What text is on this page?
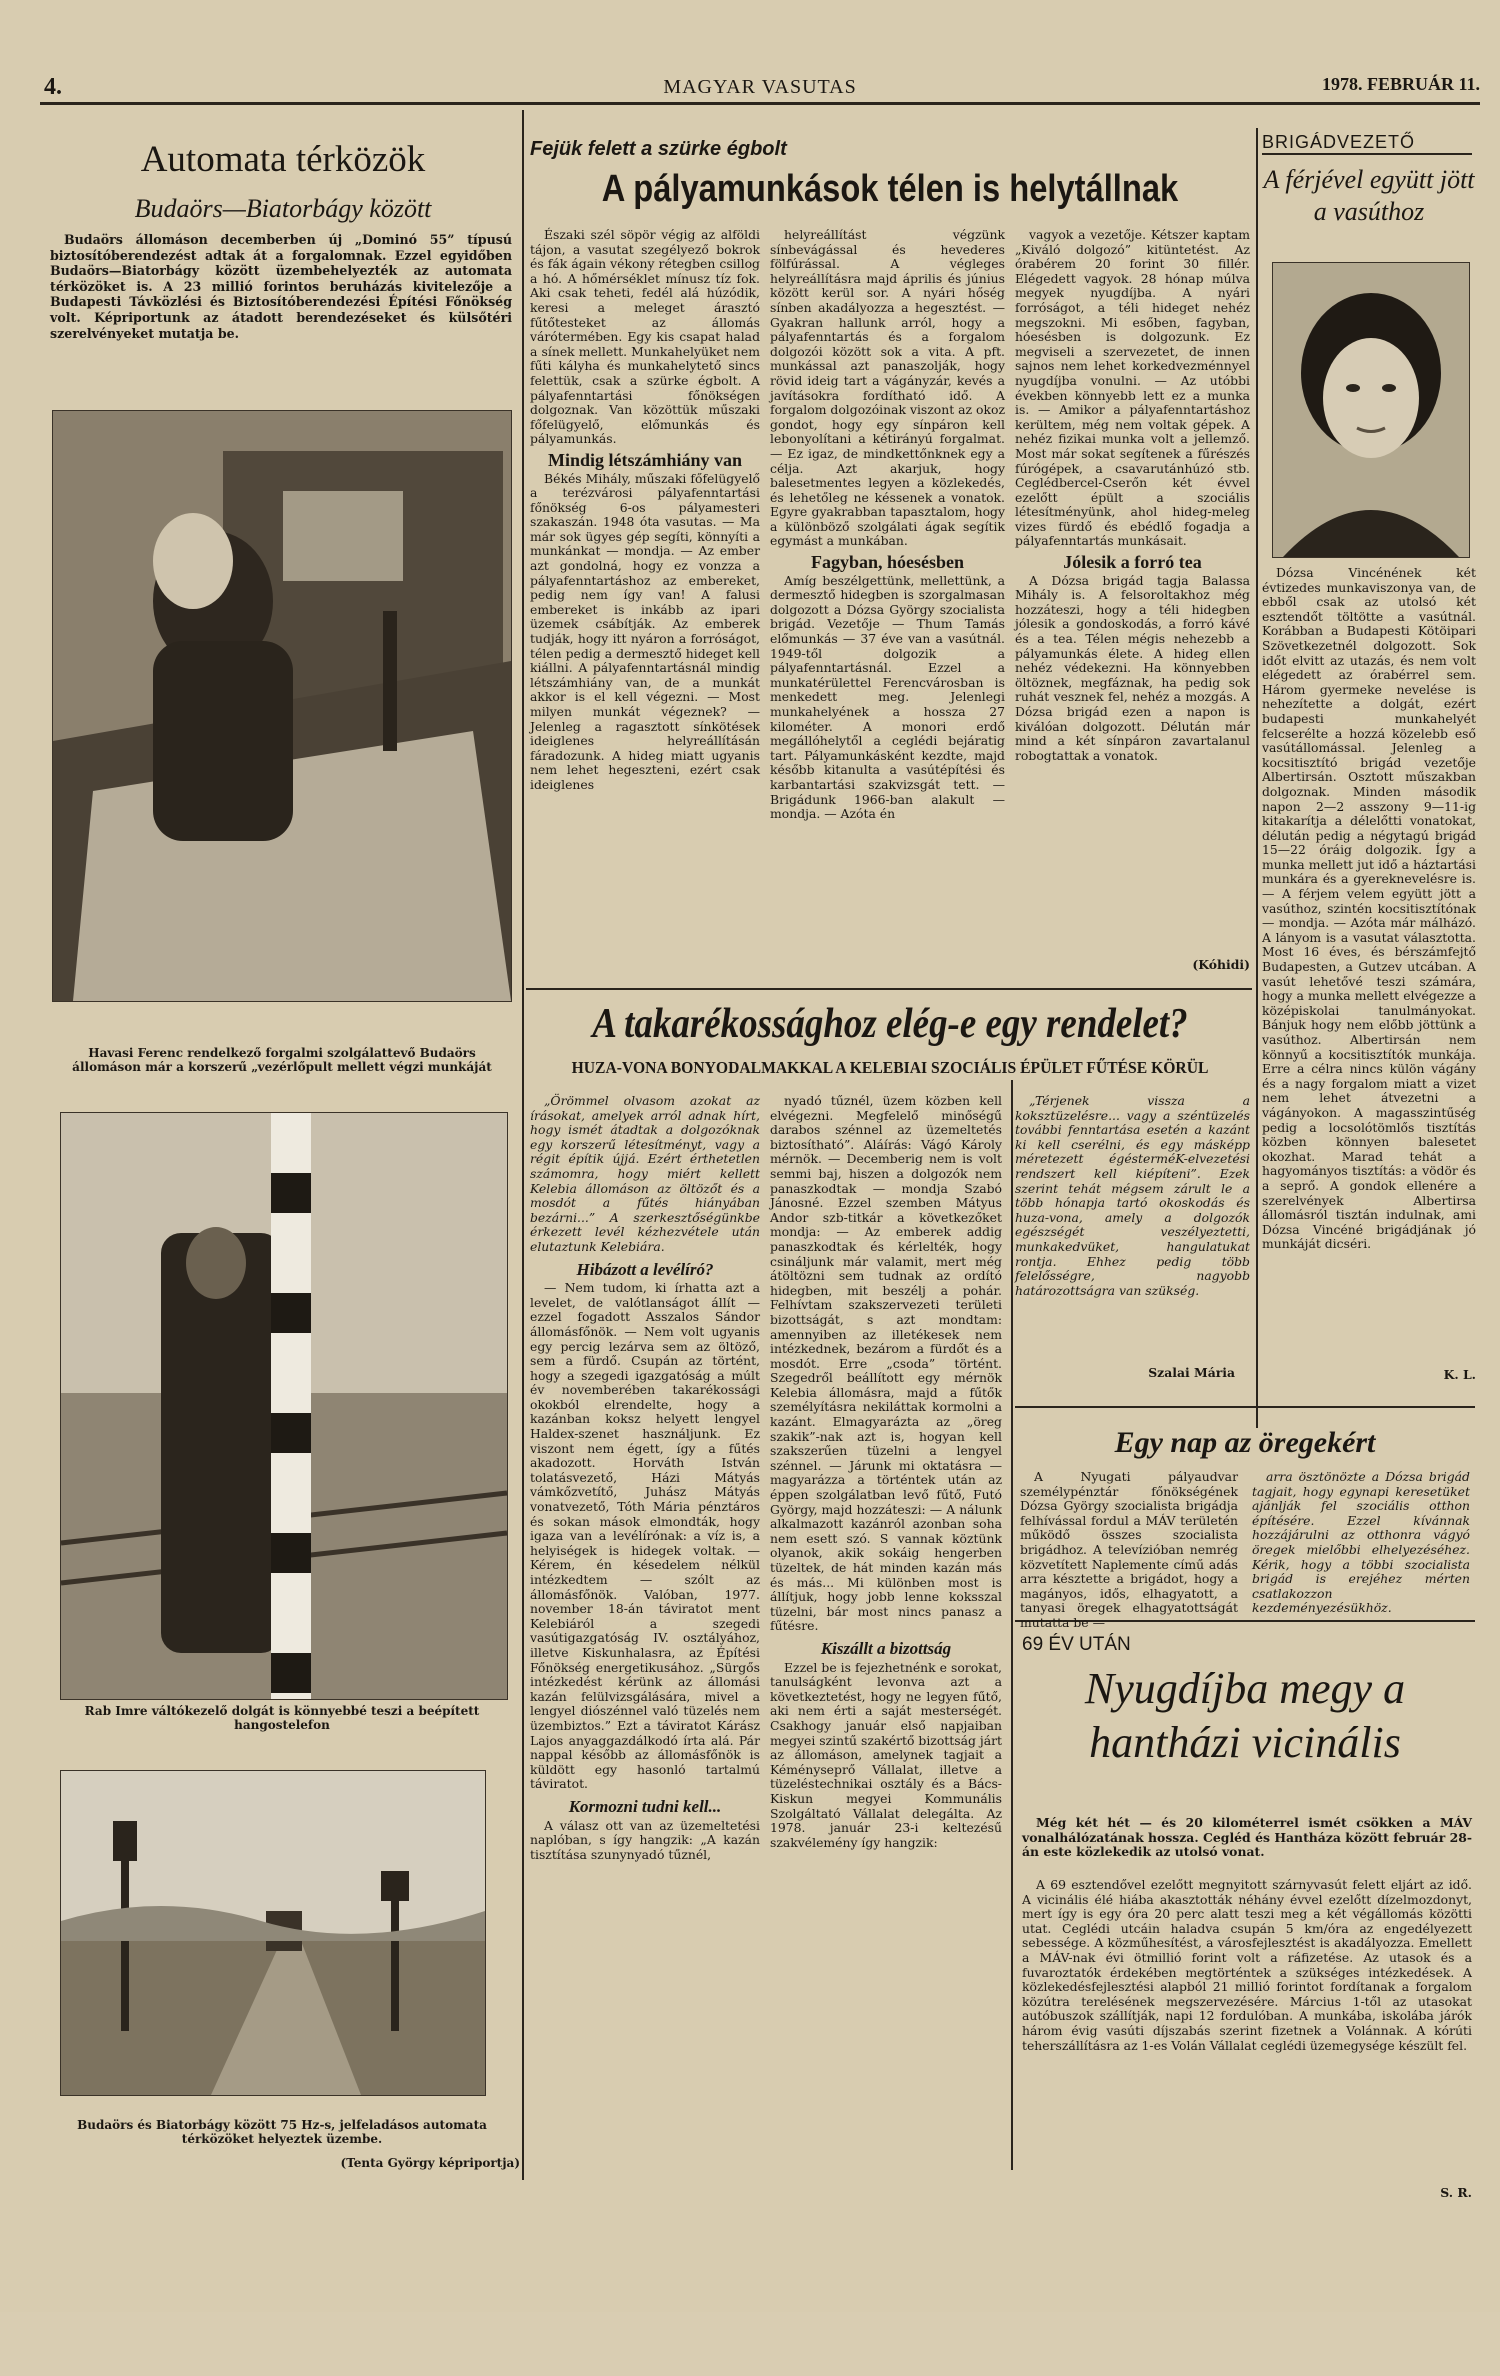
4.	MAGYAR VASUTAS	1978. FEBRUÁR 11.
Automata térközök
Budaörs—Biatorbágy között

Budaörs állomáson decemberben új „Dominó 55” típusú biztosítóberendezést adtak át a forgalomnak. Ezzel egyidőben Budaörs—Biatorbágy között üzembehelyezték az automata térközöket is. A 23 millió forintos beruházás kivitelezője a Budapesti Távközlési és Biztosítóberendezési Építési Főnökség volt. Képriportunk az átadott berendezéseket és külsőtéri szerelvényeket mutatja be.

Havasi Ferenc rendelkező forgalmi szolgálattevő Budaörs állomáson már a korszerű „vezérlőpult mellett végzi munkáját
Rab Imre váltókezelő dolgát is könnyebbé teszi a beépített hangostelefon
Budaörs és Biatorbágy között 75 Hz-s, jelfeladásos automata térközöket helyeztek üzembe.
(Tenta György képriportja)
Fejük felett a szürke égbolt
A pályamunkások télen is helytállnak

Északi szél söpör végig az alföldi tájon, a vasutat szegélyező bokrok és fák ágain vékony rétegben csillog a hó. A hőmérséklet mínusz tíz fok. Aki csak teheti, fedél alá húzódik, keresi a meleget árasztó fűtőtesteket az állomás várótermében. Egy kis csapat halad a sínek mellett. Munkahelyüket nem fűti kályha és munkahelytető sincs felettük, csak a szürke égbolt. A pályafenntartási főnökségen dolgoznak. Van közöttük műszaki főfelügyelő, előmunkás és pályamunkás.

Mindig létszámhiány van

Békés Mihály, műszaki főfelügyelő a terézvárosi pályafenntartási főnökség 6-os pályamesteri szakaszán. 1948 óta vasutas. — Ma már sok ügyes gép segíti, könnyíti a munkánkat — mondja. — Az ember azt gondolná, hogy ez vonzza a pályafenntartáshoz az embereket, pedig nem így van! A falusi embereket is inkább az ipari üzemek csábítják. Az emberek tudják, hogy itt nyáron a forróságot, télen pedig a dermesztő hideget kell kiállni. A pályafenntartásnál mindig létszámhiány van, de a munkát akkor is el kell végezni. — Most milyen munkát végeznek? — Jelenleg a ragasztott sínkötések ideiglenes helyreállításán fáradozunk. A hideg miatt ugyanis nem lehet hegeszteni, ezért csak ideiglenes

helyreállítást végzünk sínbevágással és hevederes fölfúrással. A végleges helyreállításra majd április és június között kerül sor. A nyári hőség sínben akadályozza a hegesztést. — Gyakran hallunk arról, hogy a pályafenntartás és a forgalom dolgozói között sok a vita. A pft. munkással azt panaszolják, hogy rövid ideig tart a vágányzár, kevés a javításokra fordítható idő. A forgalom dolgozóinak viszont az okoz gondot, hogy egy sínpáron kell lebonyolítani a kétirányú forgalmat. — Ez igaz, de mindkettőnknek egy a célja. Azt akarjuk, hogy balesetmentes legyen a közlekedés, és lehetőleg ne késsenek a vonatok. Egyre gyakrabban tapasztalom, hogy a különböző szolgálati ágak segítik egymást a munkában.

Fagyban, hóesésben

Amíg beszélgettünk, mellettünk, a dermesztő hidegben is szorgalmasan dolgozott a Dózsa György szocialista brigád. Vezetője — Thum Tamás előmunkás — 37 éve van a vasútnál. 1949-től dolgozik a pályafenntartásnál. Ezzel a munkatérülettel Ferencvárosban is menkedett meg. Jelenlegi munkahelyének a hossza 27 kilométer. A monori erdő megállóhelytől a ceglédi bejáratig tart. Pályamunkásként kezdte, majd később kitanulta a vasútépítési és karbantartási szakvizsgát tett. — Brigádunk 1966-ban alakult — mondja. — Azóta én

vagyok a vezetője. Kétszer kaptam „Kiváló dolgozó” kitüntetést. Az órabérem 20 forint 30 fillér. Elégedett vagyok. 28 hónap múlva megyek nyugdíjba. A nyári forróságot, a téli hideget nehéz megszokni. Mi esőben, fagyban, hóesésben is dolgozunk. Ez megviseli a szervezetet, de innen sajnos nem lehet korkedvezménnyel nyugdíjba vonulni. — Az utóbbi években könnyebb lett ez a munka is. — Amikor a pályafenntartáshoz kerültem, még nem voltak gépek. A nehéz fizikai munka volt a jellemző. Most már sokat segítenek a fűrészés fúrógépek, a csavarutánhúzó stb. Ceglédbercel-Cserőn két évvel ezelőtt épült a szociális létesítményünk, ahol hideg-meleg vizes fürdő és ebédlő fogadja a pályafenntartás munkásait.

Jólesik a forró tea

A Dózsa brigád tagja Balassa Mihály is. A felsoroltakhoz még hozzáteszi, hogy a téli hidegben jólesik a gondoskodás, a forró kávé és a tea. Télen mégis nehezebb a pályamunkás élete. A hideg ellen nehéz védekezni. Ha könnyebben öltöznek, megfáznak, ha pedig sok ruhát vesznek fel, nehéz a mozgás. A Dózsa brigád ezen a napon is kiválóan dolgozott. Délután már mind a két sínpáron zavartalanul robogtattak a vonatok.

(Kóhidi)
A takarékossághoz elég-e egy rendelet?
HUZA-VONA BONYODALMAKKAL A KELEBIAI SZOCIÁLIS ÉPÜLET FŰTÉSE KÖRÜL

„Örömmel olvasom azokat az írásokat, amelyek arról adnak hírt, hogy ismét átadtak a dolgozóknak egy korszerű létesítményt, vagy a régit építik újjá. Ezért érthetetlen számomra, hogy miért kellett Kelebia állomáson az öltözőt és a mosdót a fűtés hiányában bezárni...” A szerkesztőségünkbe érkezett levél kézhezvétele után elutaztunk Kelebiára.

Hibázott a levélíró?

— Nem tudom, ki írhatta azt a levelet, de valótlanságot állít — ezzel fogadott Asszalos Sándor állomásfőnök. — Nem volt ugyanis egy percig lezárva sem az öltöző, sem a fürdő. Csupán az történt, hogy a szegedi igazgatóság a múlt év novemberében takarékossági okokból elrendelte, hogy a kazánban koksz helyett lengyel Haldex-szenet használjunk. Ez viszont nem égett, így a fűtés akadozott. Horváth István tolatásvezető, Házi Mátyás vámkőzvetítő, Juhász Mátyás vonatvezető, Tóth Mária pénztáros és sokan mások elmondták, hogy igaza van a levélírónak: a víz is, a helyiségek is hidegek voltak. — Kérem, én késedelem nélkül intézkedtem — szólt az állomásfőnök. Valóban, 1977. november 18-án táviratot ment Kelebiáról a szegedi vasútigazgatóság IV. osztályához, illetve Kiskunhalasra, az Építési Főnökség energetikusához. „Sürgős intézkedést kérünk az állomási kazán felülvizsgálására, mivel a lengyel diószénnel való tüzelés nem üzembiztos.” Ezt a táviratot Kárász Lajos anyaggazdálkodó írta alá. Pár nappal később az állomásfőnök is küldött egy hasonló tartalmú táviratot.

Kormozni tudni kell...

A válasz ott van az üzemeltetési naplóban, s így hangzik: „A kazán tisztítása szunynyadó tűznél,

nyadó tűznél, üzem közben kell elvégezni. Megfelelő minőségű darabos szénnel az üzemeltetés biztosítható”. Aláírás: Vágó Károly mérnök. — Decemberig nem is volt semmi baj, hiszen a dolgozók nem panaszkodtak — mondja Szabó Jánosné. Ezzel szemben Mátyus Andor szb-titkár a következőket mondja: — Az emberek addig panaszkodtak és kérlelték, hogy csináljunk már valamit, mert még átöltözni sem tudnak az ordító hidegben, mit beszélj a pohár. Felhívtam szakszervezeti területi bizottságát, s azt mondtam: amennyiben az illetékesek nem intézkednek, bezárom a fürdőt és a mosdót. Erre „csoda” történt. Szegedről beállított egy mérnök Kelebia állomásra, majd a fűtők személyításra nekiláttak kormolni a kazánt. Elmagyarázta az „öreg szakik”-nak azt is, hogyan kell szakszerűen tüzelni a lengyel szénnel. — Járunk mi oktatásra — magyarázza a történtek után az éppen szolgálatban levő fűtő, Futó György, majd hozzáteszi: — A nálunk alkalmazott kazánról azonban soha nem esett szó. S vannak köztünk olyanok, akik sokáig hengerben tüzeltek, de hát minden kazán más és más... Mi különben most is állítjuk, hogy jobb lenne koksszal tüzelni, bár most nincs panasz a fűtésre.

Kiszállt a bizottság

Ezzel be is fejezhetnénk e sorokat, tanulságként levonva azt a következtetést, hogy ne legyen fűtő, aki nem érti a saját mesterségét. Csakhogy január első napjaiban megyei szintű szakértő bizottság járt az állomáson, amelynek tagjait a Kéményseprő Vállalat, illetve a tüzeléstechnikai osztály és a Bács-Kiskun megyei Kommunális Szolgáltató Vállalat delegálta. Az 1978. január 23-i keltezésű szakvélemény így hangzik:

„Térjenek vissza a koksztüzelésre... vagy a széntüzelés további fenntartása esetén a kazánt ki kell cserélni, és egy másképp méretezett égésterméK-elvezetési rendszert kell kiépíteni”. Ezek szerint tehát mégsem zárult le a több hónapja tartó okoskodás és huza-vona, amely a dolgozók egészségét veszélyeztetti, munkakedvüket, hangulatukat rontja. Ehhez pedig több felelősségre, nagyobb határozottságra van szükség.

Szalai Mária
BRIGÁDVEZETŐ
A férjével együtt jött a vasúthoz

Dózsa Vincénének két évtizedes munkaviszonya van, de ebből csak az utolsó két esztendőt töltötte a vasútnál. Korábban a Budapesti Kötöipari Szövetkezetnél dolgozott. Sok időt elvitt az utazás, és nem volt elégedett az órabérrel sem. Három gyermeke nevelése is nehezítette a dolgát, ezért budapesti munkahelyét felcserélte a hozzá közelebb eső vasútállomással. Jelenleg a kocsitisztító brigád vezetője Albertirsán. Osztott műszakban dolgoznak. Minden második napon 2—2 asszony 9—11-ig kitakarítja a délelőtti vonatokat, délután pedig a négytagú brigád 15—22 óráig dolgozik. Így a munka mellett jut idő a háztartási munkára és a gyereknevelésre is. — A férjem velem együtt jött a vasúthoz, szintén kocsitisztítónak — mondja. — Azóta már málházó. A lányom is a vasutat választotta. Most 16 éves, és bérszámfejtő Budapesten, a Gutzev utcában. A vasút lehetővé teszi számára, hogy a munka mellett elvégezze a középiskolai tanulmányokat. Bánjuk hogy nem előbb jöttünk a vasúthoz. Albertirsán nem könnyű a kocsitisztítók munkája. Erre a célra nincs külön vágány és a nagy forgalom miatt a vizet nem lehet átvezetni a vágányokon. A magasszintűség pedig a locsolótömlős tisztítás közben könnyen balesetet okozhat. Marad tehát a hagyományos tisztítás: a vödör és a seprő. A gondok ellenére a szerelvények Albertirsa állomásról tisztán indulnak, ami Dózsa Vincéné brigádjának jó munkáját dicséri.

K. L.
Egy nap az öregekért

A Nyugati pályaudvar személypénztár főnökségének Dózsa György szocialista brigádja felhívással fordul a MÁV területén működő összes szocialista brigádhoz. A televízióban nemrég közvetített Naplemente című adás arra késztette a brigádot, hogy a magányos, idős, elhagyatott, a tanyasi öregek elhagyatottságát mutatta be —

arra ösztönözte a Dózsa brigád tagjait, hogy egynapi keresetüket ajánlják fel szociális otthon építésére. Ezzel kívánnak hozzájárulni az otthonra vágyó öregek mielőbbi elhelyezéséhez. Kérik, hogy a többi szocialista brigád is erejéhez mérten csatlakozzon kezdeményezésükhöz.

69 ÉV UTÁN
Nyugdíjba megy a hantházi vicinális

Még két hét — és 20 kilométerrel ismét csökken a MÁV vonalhálózatának hossza. Cegléd és Hantháza között február 28-án este közlekedik az utolsó vonat.

A 69 esztendővel ezelőtt megnyitott szárnyvasút felett eljárt az idő. A vicinális élé hiába akasztották néhány évvel ezelőtt dízelmozdonyt, mert így is egy óra 20 perc alatt teszi meg a két végállomás közötti utat. Ceglédi utcáin haladva csupán 5 km/óra az engedélyezett sebessége. A közműhesítést, a városfejlesztést is akadályozza. Emellett a MÁV-nak évi ötmillió forint volt a ráfizetése. Az utasok és a fuvaroztatók érdekében megtörténtek a szükséges intézkedések. A közlekedésfejlesztési alapból 21 millió forintot fordítanak a forgalom közútra terelésének megszervezésére. Március 1-től az utasokat autóbuszok szállítják, napi 12 fordulóban. A munkába, iskolába járók három évig vasúti díjszabás szerint fizetnek a Volánnak. A kórúti teherszállításra az 1-es Volán Vállalat ceglédi üzemegysége készült fel.

S. R.
